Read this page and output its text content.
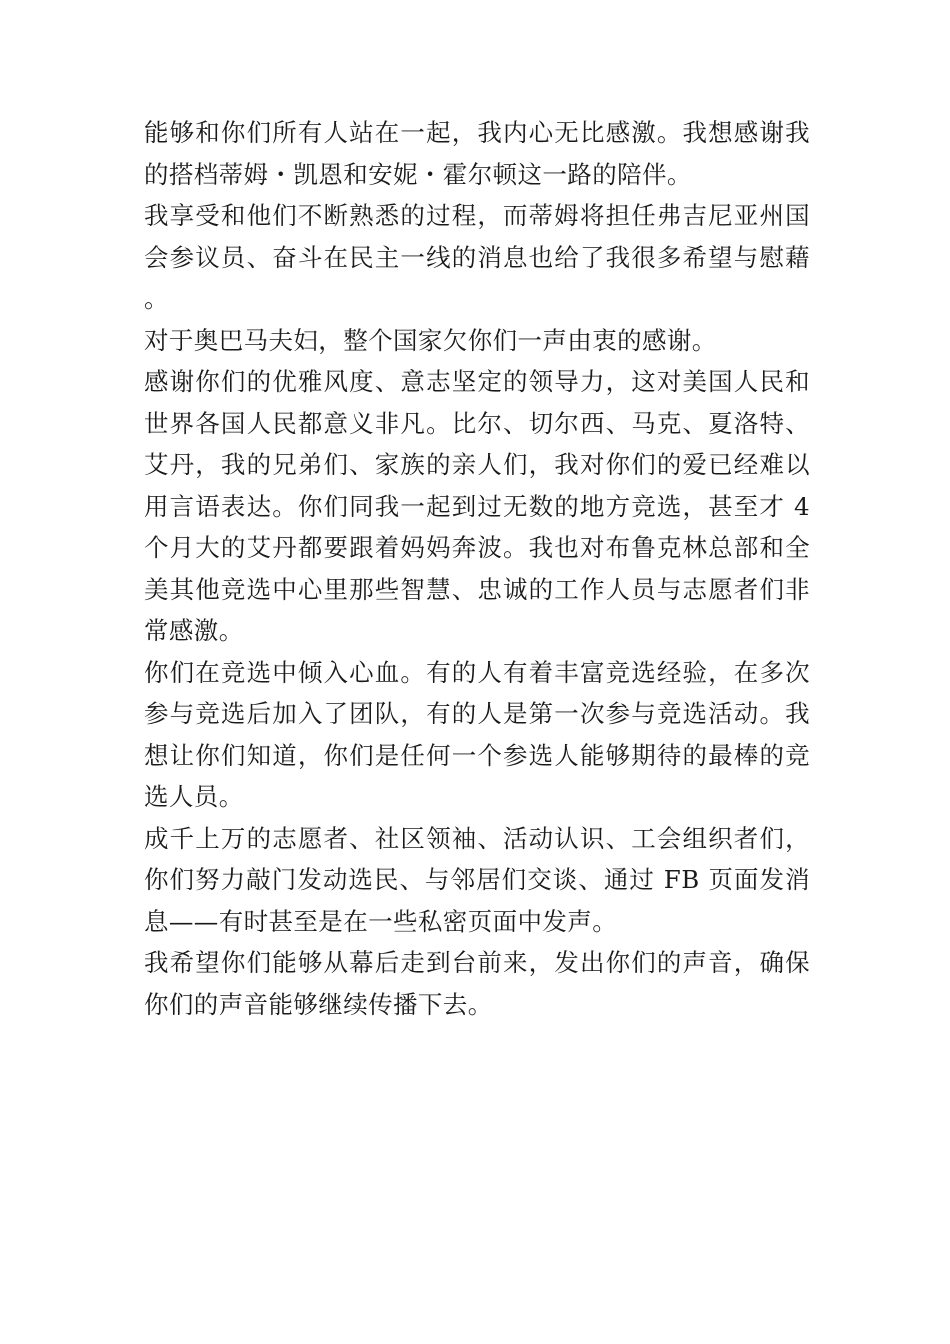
能够和你们所有人站在一起，我内心无比感激。我想感谢我的搭档蒂姆・凯恩和安妮・霍尔顿这一路的陪伴。

我享受和他们不断熟悉的过程，而蒂姆将担任弗吉尼亚州国会参议员、奋斗在民主一线的消息也给了我很多希望与慰藉。

对于奥巴马夫妇，整个国家欠你们一声由衷的感谢。

感谢你们的优雅风度、意志坚定的领导力，这对美国人民和世界各国人民都意义非凡。比尔、切尔西、马克、夏洛特、艾丹，我的兄弟们、家族的亲人们，我对你们的爱已经难以用言语表达。你们同我一起到过无数的地方竞选，甚至才 4 个月大的艾丹都要跟着妈妈奔波。我也对布鲁克林总部和全美其他竞选中心里那些智慧、忠诚的工作人员与志愿者们非常感激。

你们在竞选中倾入心血。有的人有着丰富竞选经验，在多次参与竞选后加入了团队，有的人是第一次参与竞选活动。我想让你们知道，你们是任何一个参选人能够期待的最棒的竞选人员。

成千上万的志愿者、社区领袖、活动认识、工会组织者们，你们努力敲门发动选民、与邻居们交谈、通过 FB 页面发消息——有时甚至是在一些私密页面中发声。

我希望你们能够从幕后走到台前来，发出你们的声音，确保你们的声音能够继续传播下去。
